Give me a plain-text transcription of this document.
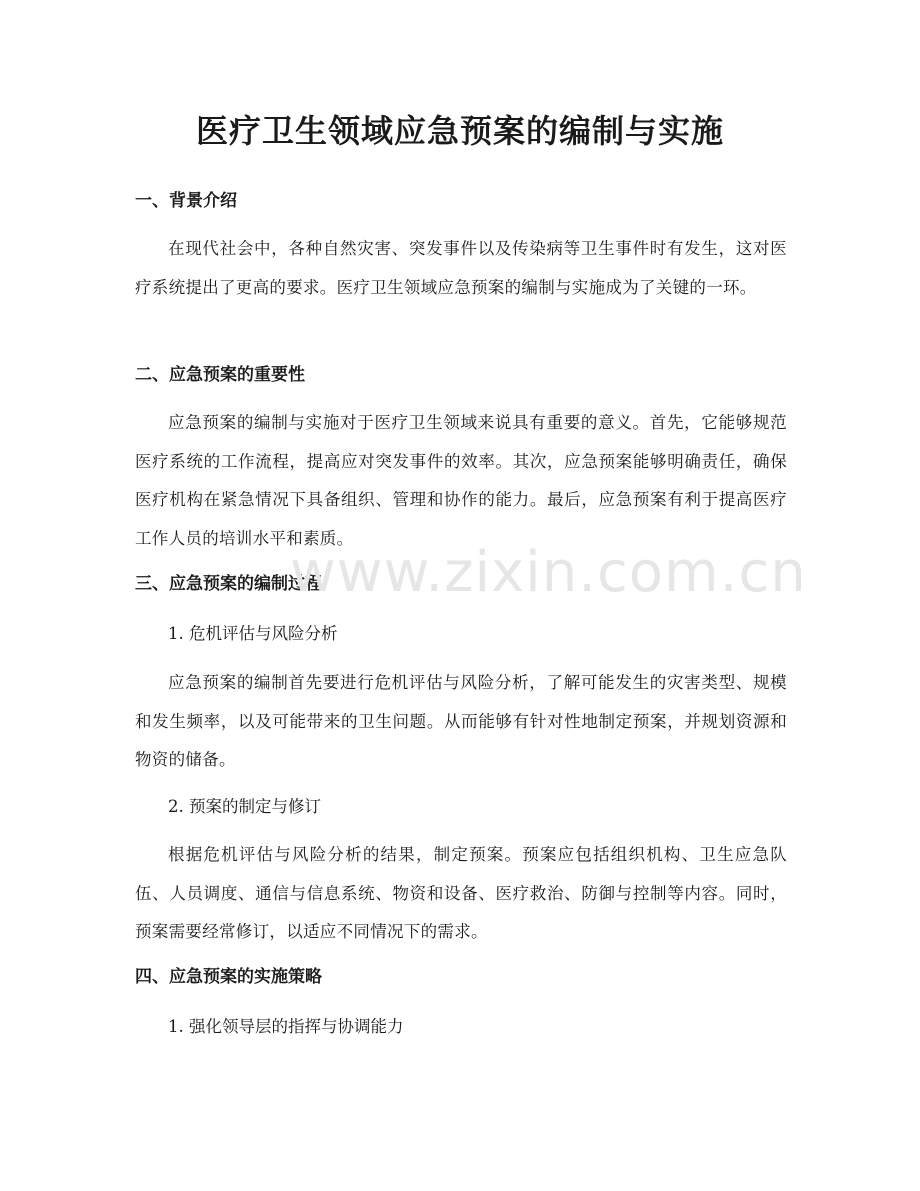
医疗卫生领域应急预案的编制与实施
一、背景介绍

在现代社会中，各种自然灾害、突发事件以及传染病等卫生事件时有发生，这对医疗系统提出了更高的要求。医疗卫生领域应急预案的编制与实施成为了关键的一环。

二、应急预案的重要性

应急预案的编制与实施对于医疗卫生领域来说具有重要的意义。首先，它能够规范医疗系统的工作流程，提高应对突发事件的效率。其次，应急预案能够明确责任，确保医疗机构在紧急情况下具备组织、管理和协作的能力。最后，应急预案有利于提高医疗工作人员的培训水平和素质。

三、应急预案的编制过程

1. 危机评估与风险分析

应急预案的编制首先要进行危机评估与风险分析，了解可能发生的灾害类型、规模和发生频率，以及可能带来的卫生问题。从而能够有针对性地制定预案，并规划资源和物资的储备。

2. 预案的制定与修订

根据危机评估与风险分析的结果，制定预案。预案应包括组织机构、卫生应急队伍、人员调度、通信与信息系统、物资和设备、医疗救治、防御与控制等内容。同时，预案需要经常修订，以适应不同情况下的需求。

四、应急预案的实施策略

1. 强化领导层的指挥与协调能力

www.zixin.com.cn
